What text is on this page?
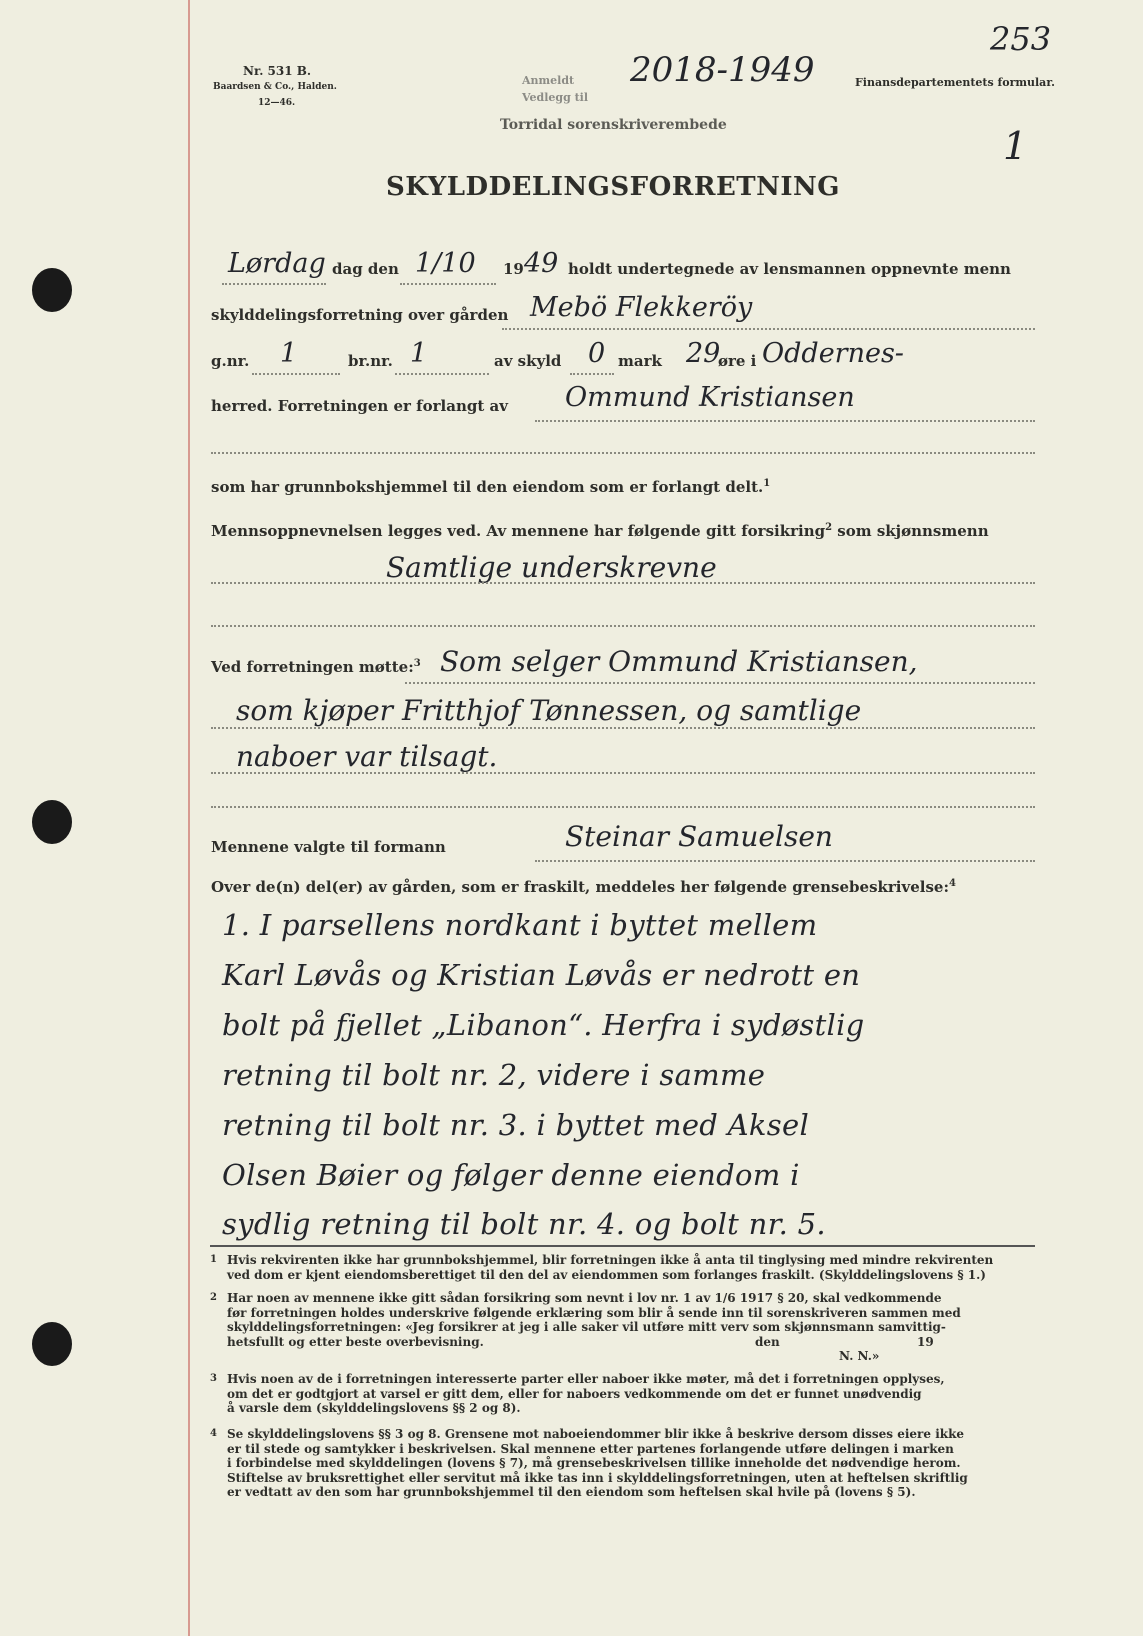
Nr. 531 B.
Baardsen & Co., Halden.
12—46.
Anmeldt
Vedlegg til
Torridal sorenskriverembede
2018-1949
253
Finansdepartementets formular.
1
SKYLDDELINGSFORRETNING
Lørdag dag den 1/10 19 49 holdt undertegnede av lensmannen oppnevnte menn
skylddelingsforretning over gården Mebö Flekkeröy
g.nr. 1	br.nr. 1	av skyld 0 mark 29
øre i Oddernes-
herred. Forretningen er forlangt av Ommund Kristiansen
som har grunnbokshjemmel til den eiendom som er forlangt delt.$^1$
Mennsoppnevnelsen legges ved. Av mennene har følgende gitt forsikring$^2$ som skjønnsmenn
Samtlige underskrevne
Ved forretningen møtte:$^3$ Som selger Ommund Kristiansen,
som kjøper Fritthjof Tønnessen, og samtlige
naboer var tilsagt.
Mennene valgte til formann	Steinar Samuelsen
Over de(n) del(er) av gården, som er fraskilt, meddeles her følgende grensebeskrivelse:$^4$
1. I parsellens nordkant i byttet mellem
Karl Løvås og Kristian Løvås er nedrott en
bolt på fjellet „Libanon“. Herfra i sydøstlig
retning til bolt nr. 2, videre i samme
retning til bolt nr. 3. i byttet med Aksel
Olsen Bøier og følger denne eiendom i
sydlig retning til bolt nr. 4. og bolt nr. 5.
1 Hvis rekvirenten ikke har grunnbokshjemmel, blir forretningen ikke å anta til tinglysing med mindre rekvirenten
ved dom er kjent eiendomsberettiget til den del av eiendommen som forlanges fraskilt. (Skylddelingslovens § 1.)
2 Har noen av mennene ikke gitt sådan forsikring som nevnt i lov nr. 1 av 1/6 1917 § 20, skal vedkommende
før forretningen holdes underskrive følgende erklæring som blir å sende inn til sorenskriveren sammen med
skylddelingsforretningen: «Jeg forsikrer at jeg i alle saker vil utføre mitt verv som skjønnsmann samvittig-
hetsfullt og etter beste overbevisning.	den	19
N. N.»
3 Hvis noen av de i forretningen interesserte parter eller naboer ikke møter, må det i forretningen opplyses,
om det er godtgjort at varsel er gitt dem, eller for naboers vedkommende om det er funnet unødvendig
å varsle dem (skylddelingslovens §§ 2 og 8).
4 Se skylddelingslovens §§ 3 og 8. Grensene mot naboeiendommer blir ikke å beskrive dersom disses eiere ikke
er til stede og samtykker i beskrivelsen. Skal mennene etter partenes forlangende utføre delingen i marken
i forbindelse med skylddelingen (lovens § 7), må grensebeskrivelsen tillike inneholde det nødvendige herom.
Stiftelse av bruksrettighet eller servitut må ikke tas inn i skylddelingsforretningen, uten at heftelsen skriftlig
er vedtatt av den som har grunnbokshjemmel til den eiendom som heftelsen skal hvile på (lovens § 5).
